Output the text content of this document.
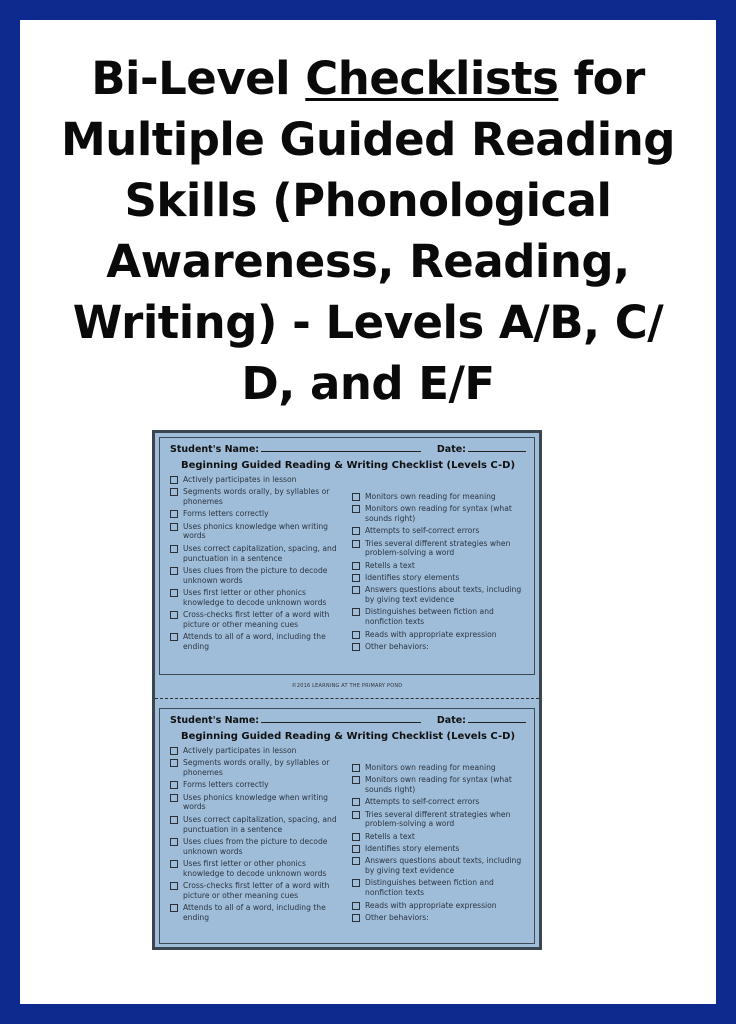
Bi-Level Checklists for
Multiple Guided Reading
Skills (Phonological
Awareness, Reading,
Writing) - Levels A/B, C/
D, and E/F
Student's Name:	Date:
Beginning Guided Reading & Writing Checklist (Levels C-D)
Actively participates in lesson
Segments words orally, by syllables or phonemes
Forms letters correctly
Uses phonics knowledge when writing words
Uses correct capitalization, spacing, and punctuation in a sentence
Uses clues from the picture to decode unknown words
Uses first letter or other phonics knowledge to decode unknown words
Cross-checks first letter of a word with picture or other meaning cues
Attends to all of a word, including the ending
Monitors own reading for meaning
Monitors own reading for syntax (what sounds right)
Attempts to self-correct errors
Tries several different strategies when problem-solving a word
Retells a text
Identifies story elements
Answers questions about texts, including by giving text evidence
Distinguishes between fiction and nonfiction texts
Reads with appropriate expression
Other behaviors:
©2016 LEARNING AT THE PRIMARY POND
Student's Name:	Date:
Beginning Guided Reading & Writing Checklist (Levels C-D)
Actively participates in lesson
Segments words orally, by syllables or phonemes
Forms letters correctly
Uses phonics knowledge when writing words
Uses correct capitalization, spacing, and punctuation in a sentence
Uses clues from the picture to decode unknown words
Uses first letter or other phonics knowledge to decode unknown words
Cross-checks first letter of a word with picture or other meaning cues
Attends to all of a word, including the ending
Monitors own reading for meaning
Monitors own reading for syntax (what sounds right)
Attempts to self-correct errors
Tries several different strategies when problem-solving a word
Retells a text
Identifies story elements
Answers questions about texts, including by giving text evidence
Distinguishes between fiction and nonfiction texts
Reads with appropriate expression
Other behaviors:
